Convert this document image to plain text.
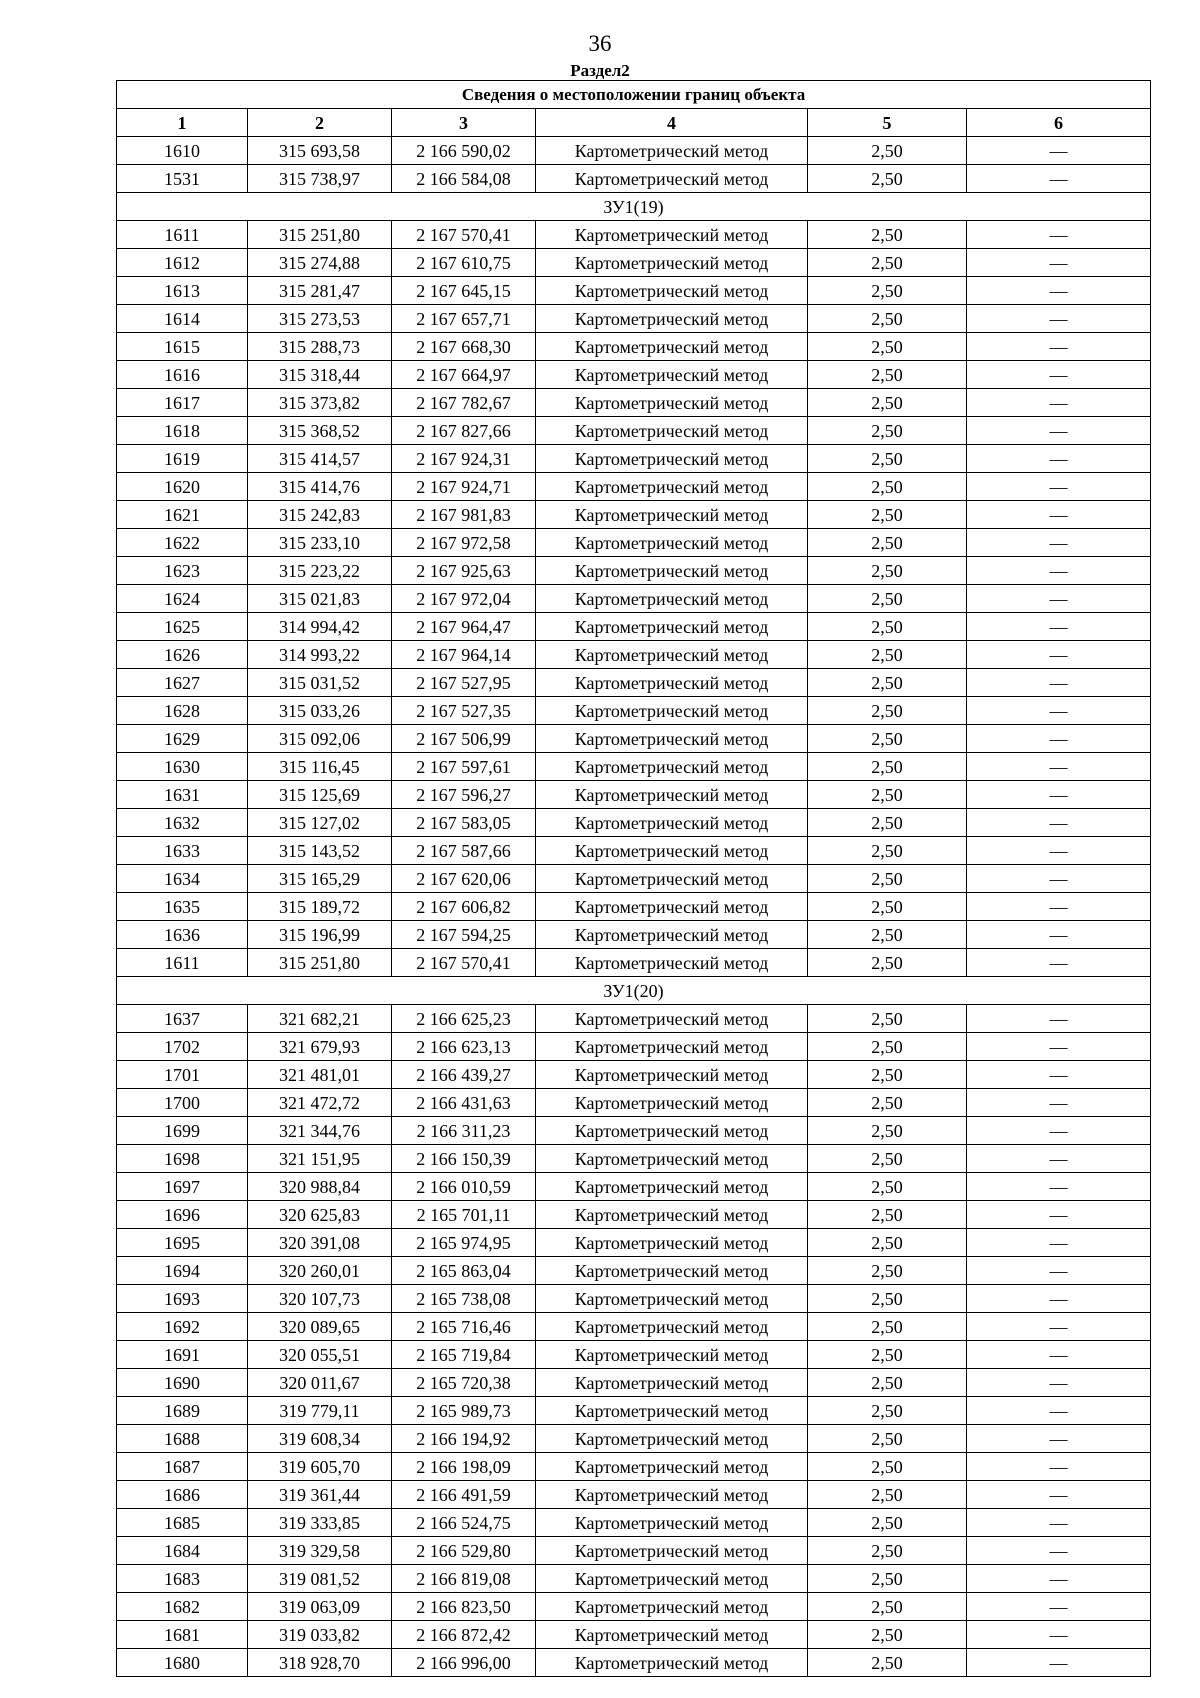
36
Раздел2
Сведения о местоположении границ объекта					
1	2	3	4	5	6
1610	315 693,58	2 166 590,02	Картометрический метод	2,50	—
1531	315 738,97	2 166 584,08	Картометрический метод	2,50	—
ЗУ1(19)					
1611	315 251,80	2 167 570,41	Картометрический метод	2,50	—
1612	315 274,88	2 167 610,75	Картометрический метод	2,50	—
1613	315 281,47	2 167 645,15	Картометрический метод	2,50	—
1614	315 273,53	2 167 657,71	Картометрический метод	2,50	—
1615	315 288,73	2 167 668,30	Картометрический метод	2,50	—
1616	315 318,44	2 167 664,97	Картометрический метод	2,50	—
1617	315 373,82	2 167 782,67	Картометрический метод	2,50	—
1618	315 368,52	2 167 827,66	Картометрический метод	2,50	—
1619	315 414,57	2 167 924,31	Картометрический метод	2,50	—
1620	315 414,76	2 167 924,71	Картометрический метод	2,50	—
1621	315 242,83	2 167 981,83	Картометрический метод	2,50	—
1622	315 233,10	2 167 972,58	Картометрический метод	2,50	—
1623	315 223,22	2 167 925,63	Картометрический метод	2,50	—
1624	315 021,83	2 167 972,04	Картометрический метод	2,50	—
1625	314 994,42	2 167 964,47	Картометрический метод	2,50	—
1626	314 993,22	2 167 964,14	Картометрический метод	2,50	—
1627	315 031,52	2 167 527,95	Картометрический метод	2,50	—
1628	315 033,26	2 167 527,35	Картометрический метод	2,50	—
1629	315 092,06	2 167 506,99	Картометрический метод	2,50	—
1630	315 116,45	2 167 597,61	Картометрический метод	2,50	—
1631	315 125,69	2 167 596,27	Картометрический метод	2,50	—
1632	315 127,02	2 167 583,05	Картометрический метод	2,50	—
1633	315 143,52	2 167 587,66	Картометрический метод	2,50	—
1634	315 165,29	2 167 620,06	Картометрический метод	2,50	—
1635	315 189,72	2 167 606,82	Картометрический метод	2,50	—
1636	315 196,99	2 167 594,25	Картометрический метод	2,50	—
1611	315 251,80	2 167 570,41	Картометрический метод	2,50	—
ЗУ1(20)					
1637	321 682,21	2 166 625,23	Картометрический метод	2,50	—
1702	321 679,93	2 166 623,13	Картометрический метод	2,50	—
1701	321 481,01	2 166 439,27	Картометрический метод	2,50	—
1700	321 472,72	2 166 431,63	Картометрический метод	2,50	—
1699	321 344,76	2 166 311,23	Картометрический метод	2,50	—
1698	321 151,95	2 166 150,39	Картометрический метод	2,50	—
1697	320 988,84	2 166 010,59	Картометрический метод	2,50	—
1696	320 625,83	2 165 701,11	Картометрический метод	2,50	—
1695	320 391,08	2 165 974,95	Картометрический метод	2,50	—
1694	320 260,01	2 165 863,04	Картометрический метод	2,50	—
1693	320 107,73	2 165 738,08	Картометрический метод	2,50	—
1692	320 089,65	2 165 716,46	Картометрический метод	2,50	—
1691	320 055,51	2 165 719,84	Картометрический метод	2,50	—
1690	320 011,67	2 165 720,38	Картометрический метод	2,50	—
1689	319 779,11	2 165 989,73	Картометрический метод	2,50	—
1688	319 608,34	2 166 194,92	Картометрический метод	2,50	—
1687	319 605,70	2 166 198,09	Картометрический метод	2,50	—
1686	319 361,44	2 166 491,59	Картометрический метод	2,50	—
1685	319 333,85	2 166 524,75	Картометрический метод	2,50	—
1684	319 329,58	2 166 529,80	Картометрический метод	2,50	—
1683	319 081,52	2 166 819,08	Картометрический метод	2,50	—
1682	319 063,09	2 166 823,50	Картометрический метод	2,50	—
1681	319 033,82	2 166 872,42	Картометрический метод	2,50	—
1680	318 928,70	2 166 996,00	Картометрический метод	2,50	—
